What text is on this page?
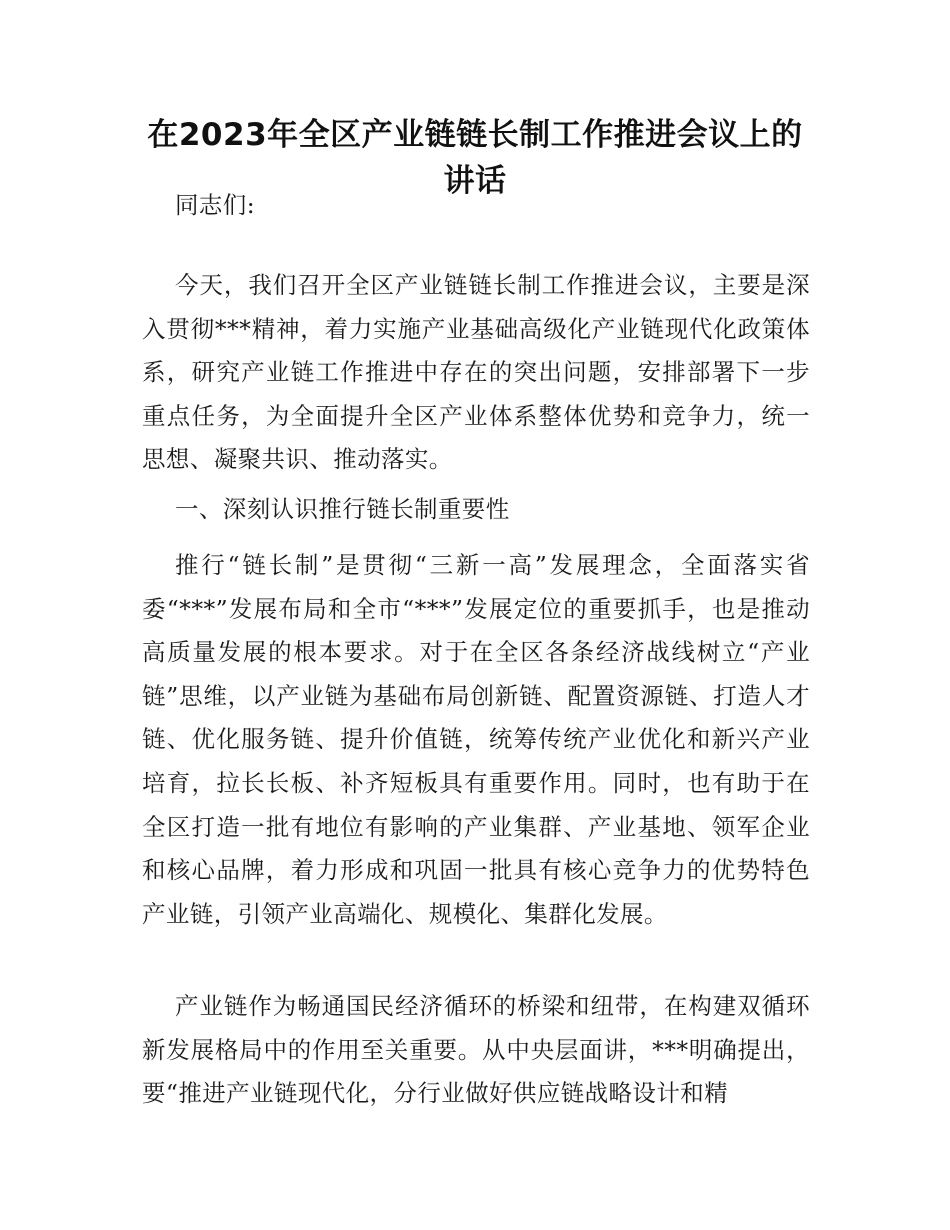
在2023年全区产业链链长制工作推进会议上的讲话

同志们:

今天，我们召开全区产业链链长制工作推进会议，主要是深入贯彻***精神，着力实施产业基础高级化产业链现代化政策体系，研究产业链工作推进中存在的突出问题，安排部署下一步重点任务，为全面提升全区产业体系整体优势和竞争力，统一思想、凝聚共识、推动落实。

一、深刻认识推行链长制重要性

推行“链长制”是贯彻“三新一高”发展理念，全面落实省委“***”发展布局和全市“***”发展定位的重要抓手，也是推动高质量发展的根本要求。对于在全区各条经济战线树立“产业链”思维，以产业链为基础布局创新链、配置资源链、打造人才链、优化服务链、提升价值链，统筹传统产业优化和新兴产业培育，拉长长板、补齐短板具有重要作用。同时，也有助于在全区打造一批有地位有影响的产业集群、产业基地、领军企业和核心品牌，着力形成和巩固一批具有核心竞争力的优势特色产业链，引领产业高端化、规模化、集群化发展。

产业链作为畅通国民经济循环的桥梁和纽带，在构建双循环新发展格局中的作用至关重要。从中央层面讲，***明确提出，要“推进产业链现代化，分行业做好供应链战略设计和精
